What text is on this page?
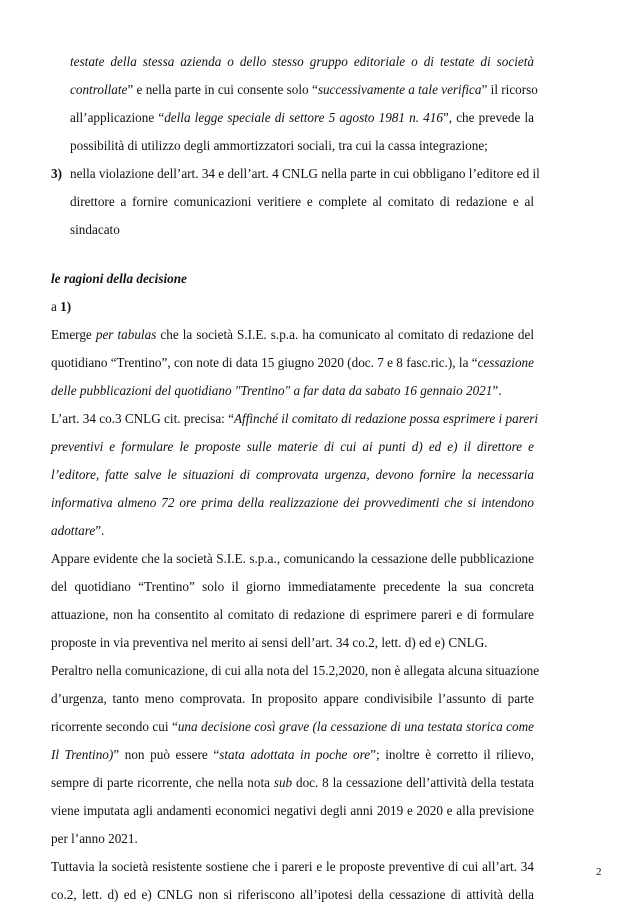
testate della stessa azienda o dello stesso gruppo editoriale o di testate di società
controllate” e nella parte in cui consente solo “successivamente a tale verifica” il ricorso
all’applicazione “della legge speciale di settore 5 agosto 1981 n. 416”, che prevede la
possibilità di utilizzo degli ammortizzatori sociali, tra cui la cassa integrazione;
3) nella violazione dell’art. 34 e dell’art. 4 CNLG nella parte in cui obbligano l’editore ed il
direttore a fornire comunicazioni veritiere e complete al comitato di redazione e al
sindacato
le ragioni della decisione
a 1)
Emerge per tabulas che la società S.I.E. s.p.a. ha comunicato al comitato di redazione del
quotidiano “Trentino”, con note di data 15 giugno 2020 (doc. 7 e 8 fasc.ric.), la “cessazione
delle pubblicazioni del quotidiano "Trentino" a far data da sabato 16 gennaio 2021”.
L’art. 34 co.3 CNLG cit. precisa: “Affinché il comitato di redazione possa esprimere i pareri
preventivi e formulare le proposte sulle materie di cui ai punti d) ed e) il direttore e
l’editore, fatte salve le situazioni di comprovata urgenza, devono fornire la necessaria
informativa almeno 72 ore prima della realizzazione dei provvedimenti che si intendono
adottare”.
Appare evidente che la società S.I.E. s.p.a., comunicando la cessazione delle pubblicazione
del quotidiano “Trentino” solo il giorno immediatamente precedente la sua concreta
attuazione, non ha consentito al comitato di redazione di esprimere pareri e di formulare
proposte in via preventiva nel merito ai sensi dell’art. 34 co.2, lett. d) ed e) CNLG.
Peraltro nella comunicazione, di cui alla nota del 15.2,2020, non è allegata alcuna situazione
d’urgenza, tanto meno comprovata. In proposito appare condivisibile l’assunto di parte
ricorrente secondo cui “una decisione così grave (la cessazione di una testata storica come
Il Trentino)” non può essere “stata adottata in poche ore”; inoltre è corretto il rilievo,
sempre di parte ricorrente, che nella nota sub doc. 8 la cessazione dell’attività della testata
viene imputata agli andamenti economici negativi degli anni 2019 e 2020 e alla previsione
per l’anno 2021.
Tuttavia la società resistente sostiene che i pareri e le proposte preventive di cui all’art. 34
co.2, lett. d) ed e) CNLG non si riferiscono all’ipotesi della cessazione di attività della
2
